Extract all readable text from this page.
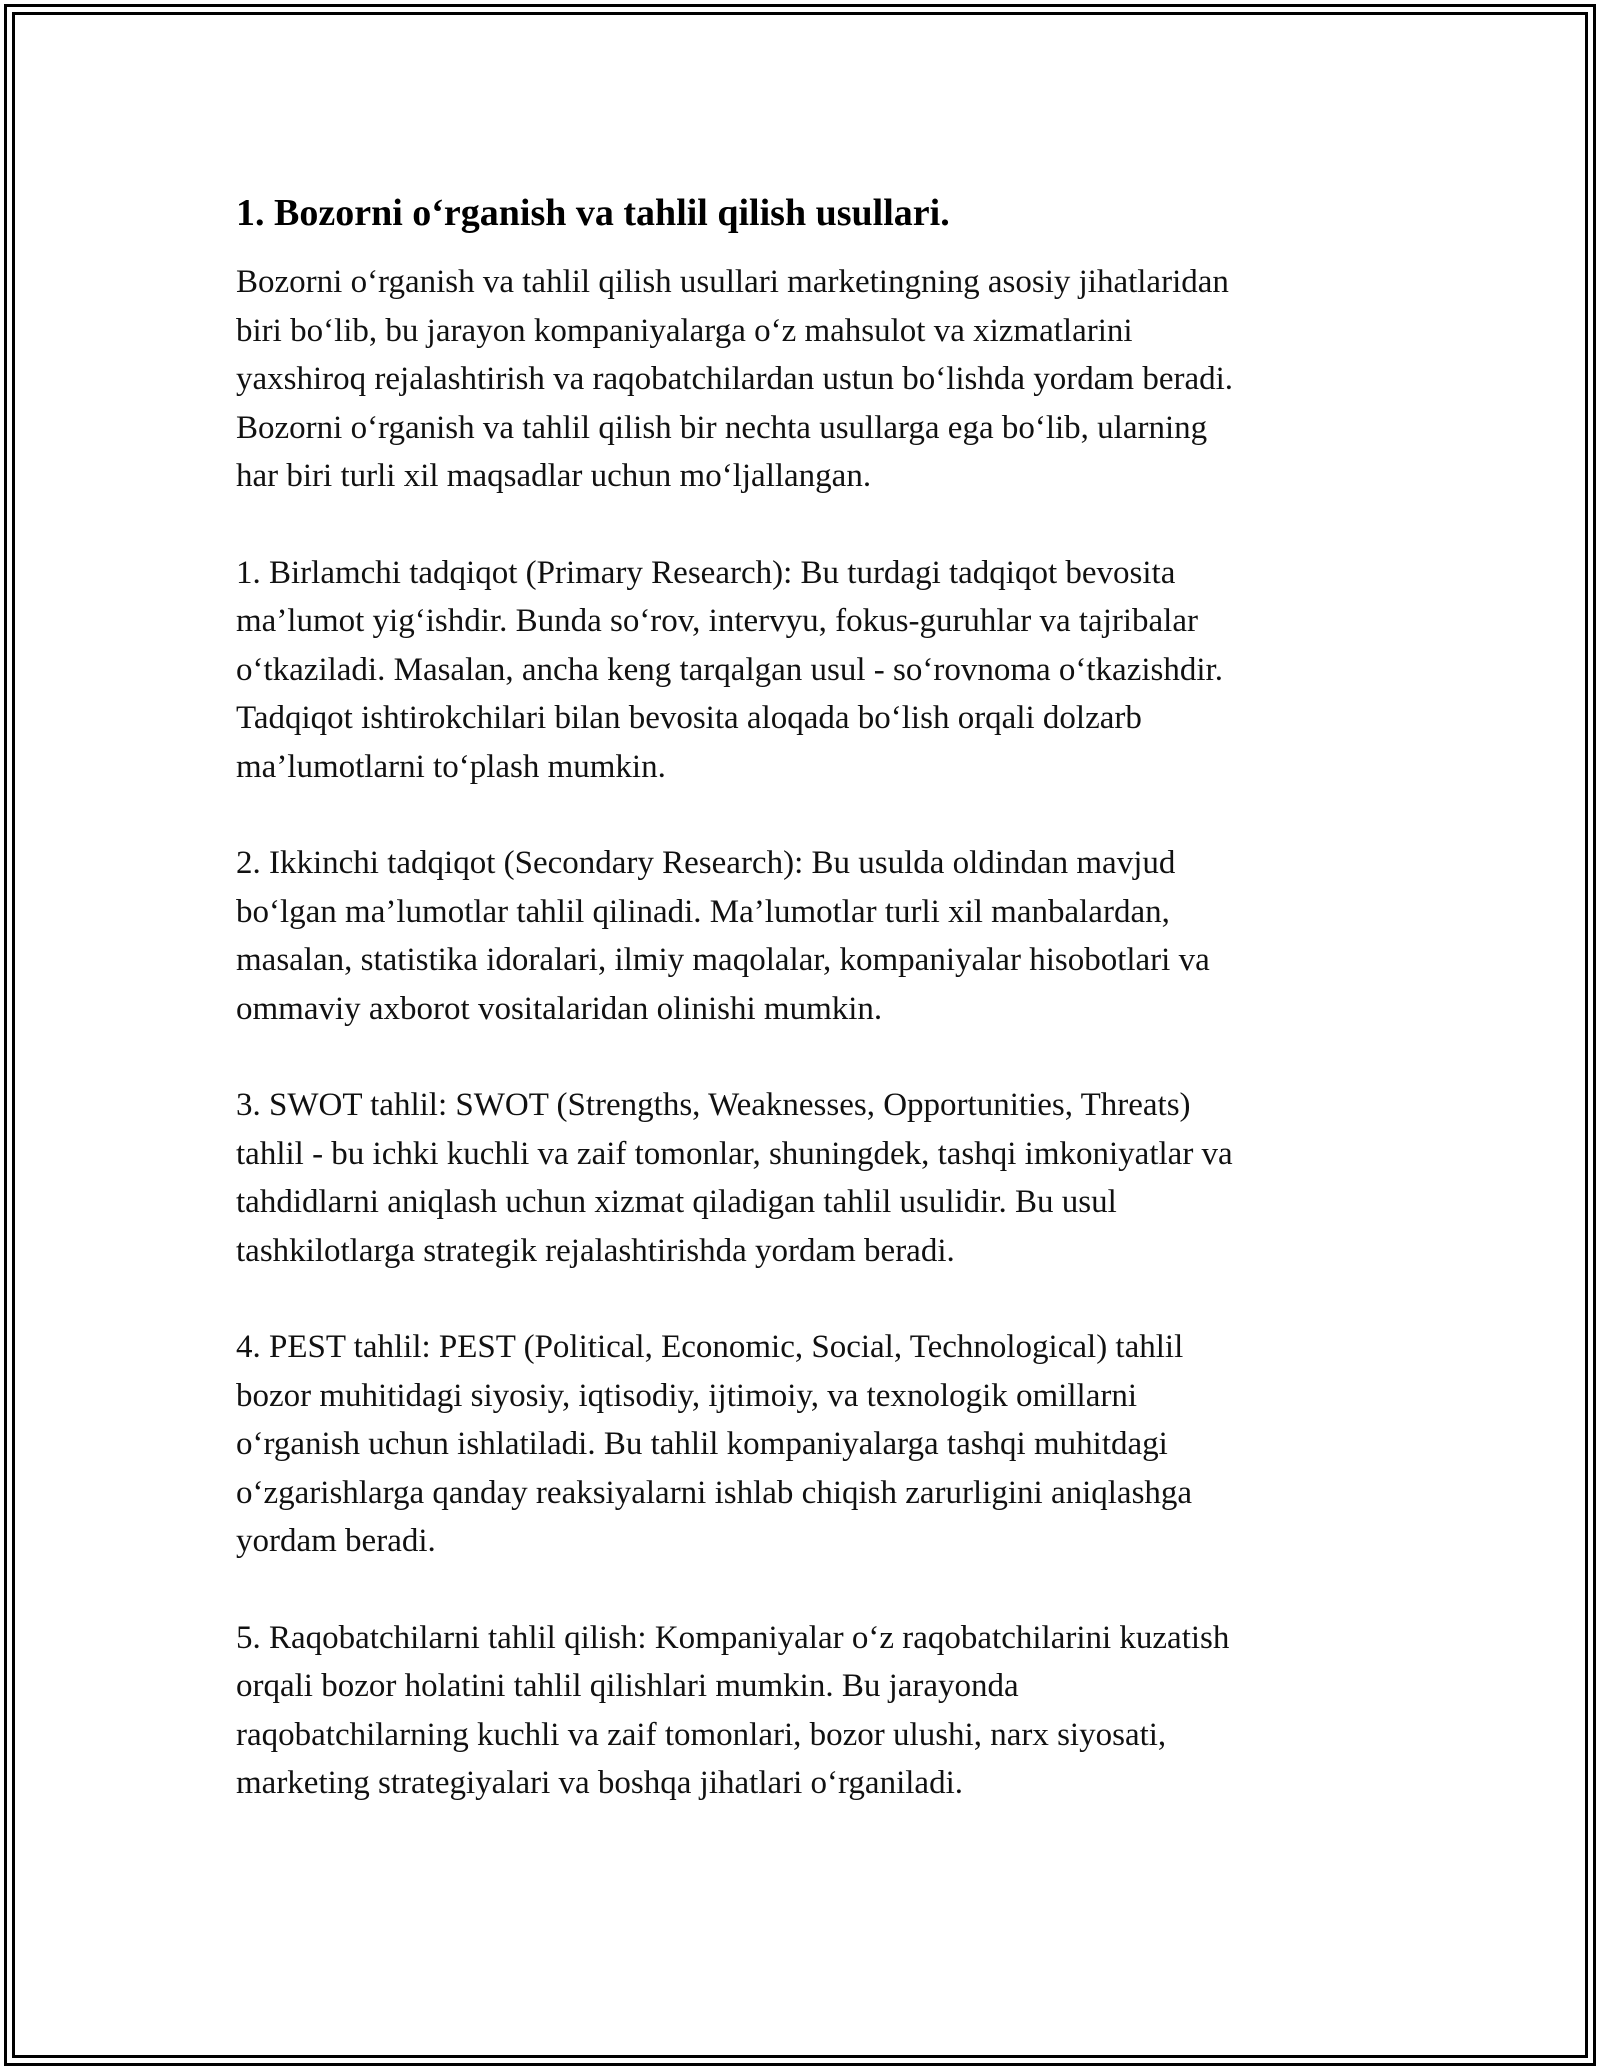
1. Bozorni o‘rganish va tahlil qilish usullari.

Bozorni o‘rganish va tahlil qilish usullari marketingning asosiy jihatlaridan
biri bo‘lib, bu jarayon kompaniyalarga o‘z mahsulot va xizmatlarini
yaxshiroq rejalashtirish va raqobatchilardan ustun bo‘lishda yordam beradi.
Bozorni o‘rganish va tahlil qilish bir nechta usullarga ega bo‘lib, ularning
har biri turli xil maqsadlar uchun mo‘ljallangan.

1. Birlamchi tadqiqot (Primary Research): Bu turdagi tadqiqot bevosita
ma’lumot yig‘ishdir. Bunda so‘rov, intervyu, fokus-guruhlar va tajribalar
o‘tkaziladi. Masalan, ancha keng tarqalgan usul - so‘rovnoma o‘tkazishdir.
Tadqiqot ishtirokchilari bilan bevosita aloqada bo‘lish orqali dolzarb
ma’lumotlarni to‘plash mumkin.

2. Ikkinchi tadqiqot (Secondary Research): Bu usulda oldindan mavjud
bo‘lgan ma’lumotlar tahlil qilinadi. Ma’lumotlar turli xil manbalardan,
masalan, statistika idoralari, ilmiy maqolalar, kompaniyalar hisobotlari va
ommaviy axborot vositalaridan olinishi mumkin.

3. SWOT tahlil: SWOT (Strengths, Weaknesses, Opportunities, Threats)
tahlil - bu ichki kuchli va zaif tomonlar, shuningdek, tashqi imkoniyatlar va
tahdidlarni aniqlash uchun xizmat qiladigan tahlil usulidir. Bu usul
tashkilotlarga strategik rejalashtirishda yordam beradi.

4. PEST tahlil: PEST (Political, Economic, Social, Technological) tahlil
bozor muhitidagi siyosiy, iqtisodiy, ijtimoiy, va texnologik omillarni
o‘rganish uchun ishlatiladi. Bu tahlil kompaniyalarga tashqi muhitdagi
o‘zgarishlarga qanday reaksiyalarni ishlab chiqish zarurligini aniqlashga
yordam beradi.

5. Raqobatchilarni tahlil qilish: Kompaniyalar o‘z raqobatchilarini kuzatish
orqali bozor holatini tahlil qilishlari mumkin. Bu jarayonda
raqobatchilarning kuchli va zaif tomonlari, bozor ulushi, narx siyosati,
marketing strategiyalari va boshqa jihatlari o‘rganiladi.
